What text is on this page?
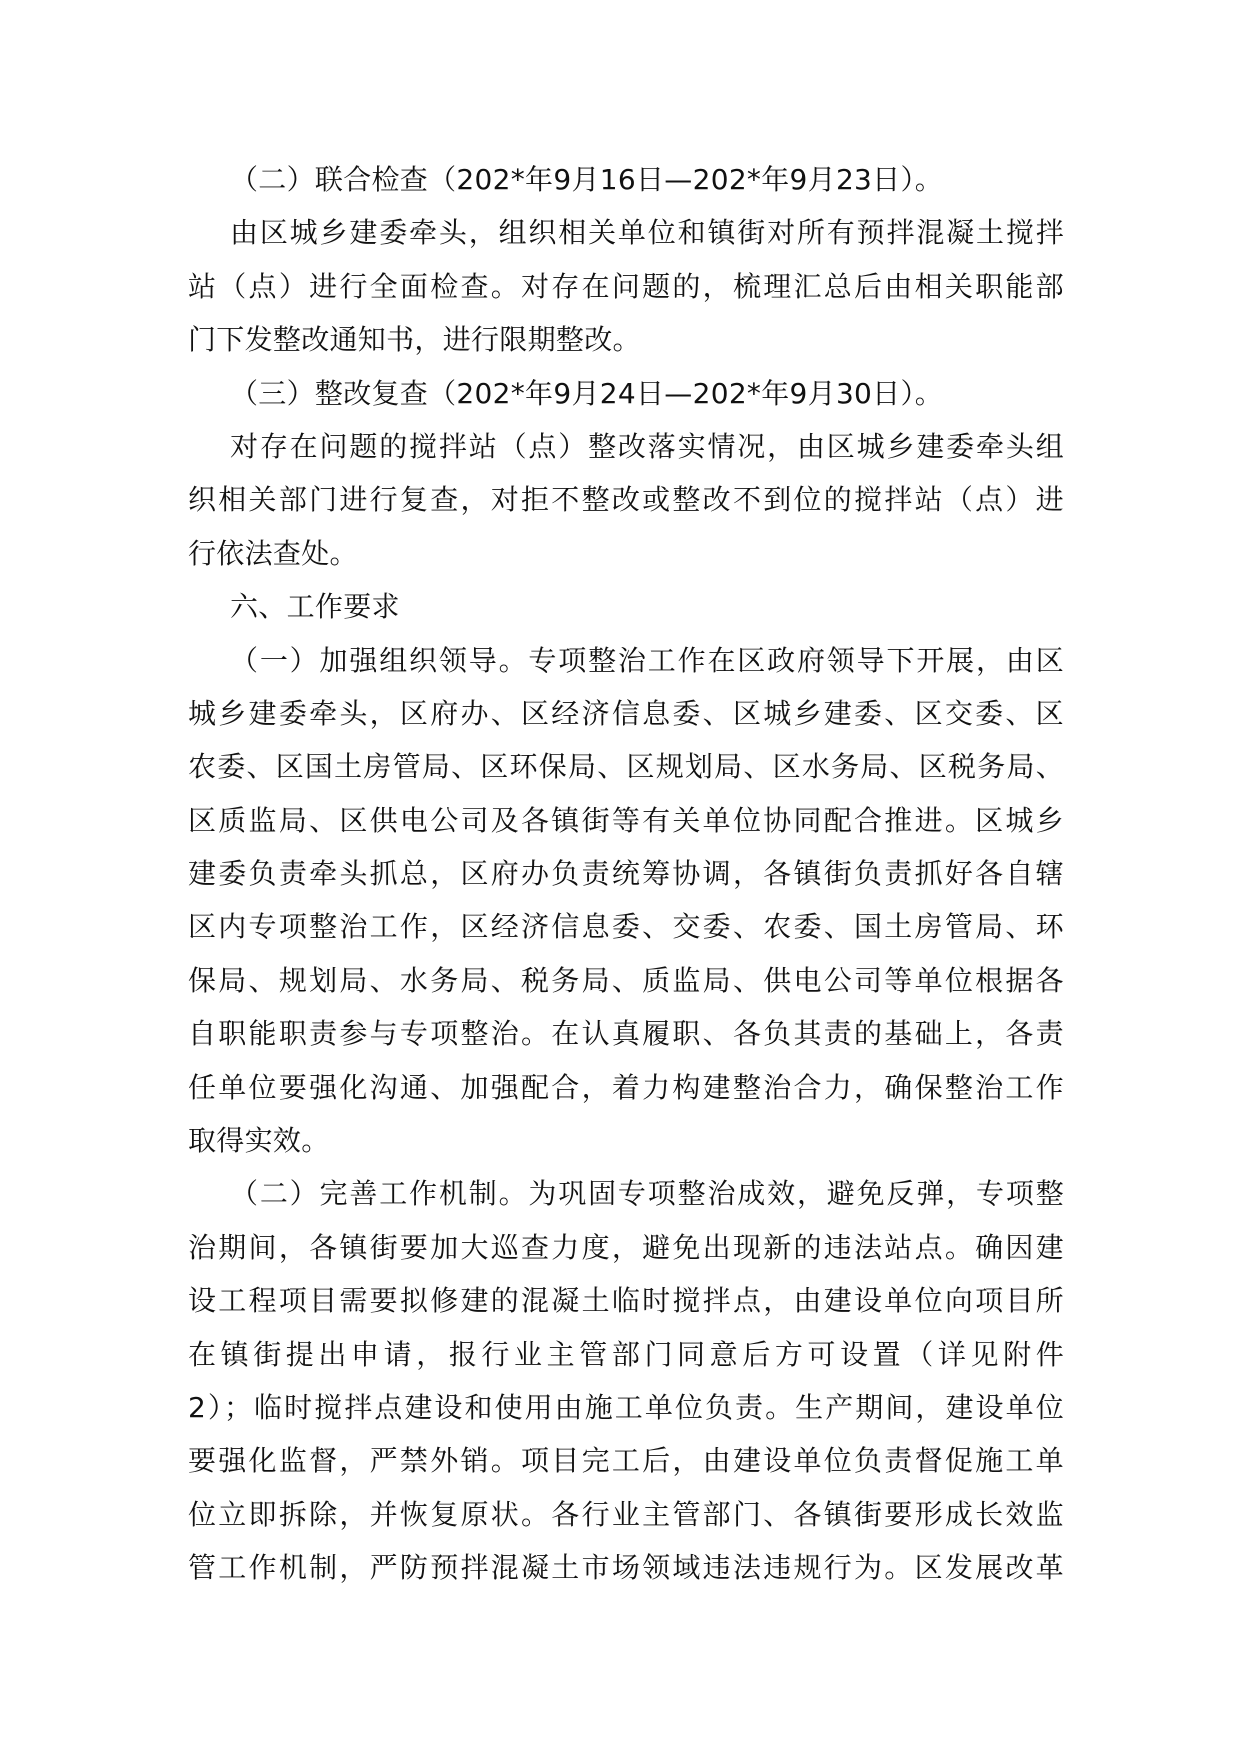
（二）联合检查（202*年9月16日—202*年9月23日）。

由区城乡建委牵头，组织相关单位和镇街对所有预拌混凝土搅拌
站（点）进行全面检查。对存在问题的，梳理汇总后由相关职能部
门下发整改通知书，进行限期整改。

（三）整改复查（202*年9月24日—202*年9月30日）。

对存在问题的搅拌站（点）整改落实情况，由区城乡建委牵头组
织相关部门进行复查，对拒不整改或整改不到位的搅拌站（点）进
行依法查处。

六、工作要求

（一）加强组织领导。专项整治工作在区政府领导下开展，由区
城乡建委牵头，区府办、区经济信息委、区城乡建委、区交委、区
农委、区国土房管局、区环保局、区规划局、区水务局、区税务局、
区质监局、区供电公司及各镇街等有关单位协同配合推进。区城乡
建委负责牵头抓总，区府办负责统筹协调，各镇街负责抓好各自辖
区内专项整治工作，区经济信息委、交委、农委、国土房管局、环
保局、规划局、水务局、税务局、质监局、供电公司等单位根据各
自职能职责参与专项整治。在认真履职、各负其责的基础上，各责
任单位要强化沟通、加强配合，着力构建整治合力，确保整治工作
取得实效。

（二）完善工作机制。为巩固专项整治成效，避免反弹，专项整
治期间，各镇街要加大巡查力度，避免出现新的违法站点。确因建
设工程项目需要拟修建的混凝土临时搅拌点，由建设单位向项目所
在镇街提出申请，报行业主管部门同意后方可设置（详见附件
2）；临时搅拌点建设和使用由施工单位负责。生产期间，建设单位
要强化监督，严禁外销。项目完工后，由建设单位负责督促施工单
位立即拆除，并恢复原状。各行业主管部门、各镇街要形成长效监
管工作机制，严防预拌混凝土市场领域违法违规行为。区发展改革
